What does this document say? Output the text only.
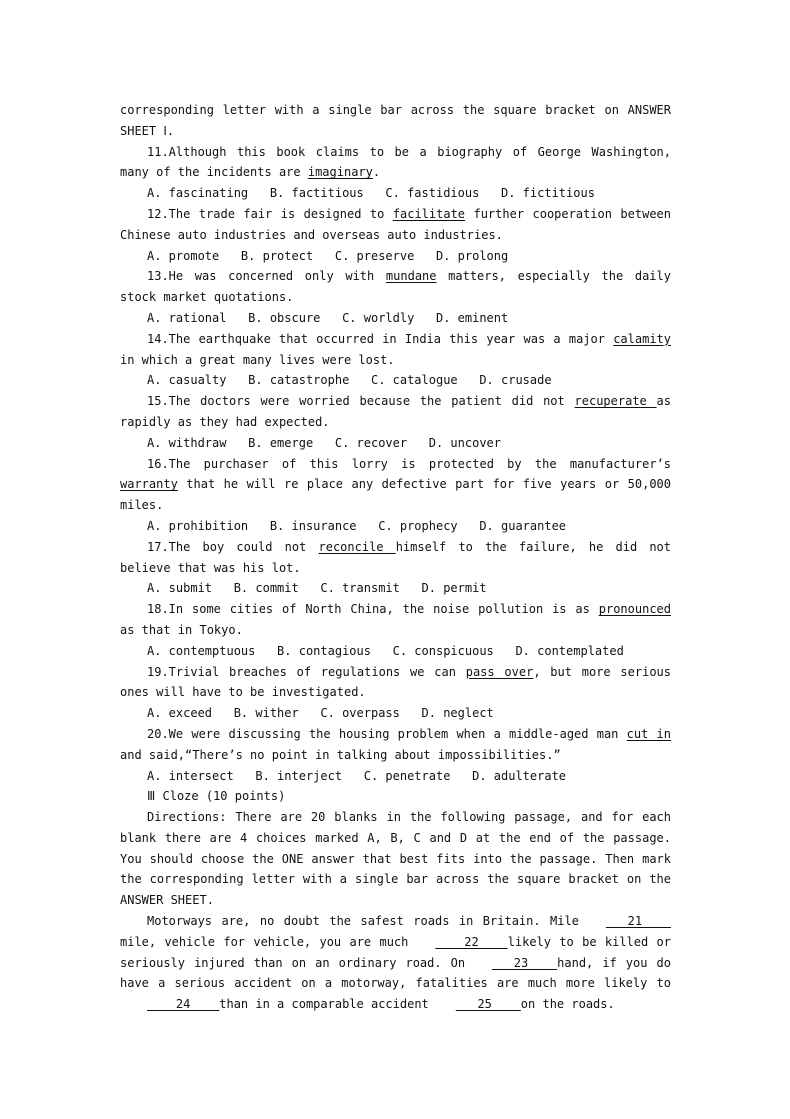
corresponding letter with a single bar across the square bracket on ANSWER SHEET Ⅰ.

11.Although this book claims to be a biography of George Washington, many of the incidents are imaginary.

A. fascinating   B. factitious   C. fastidious   D. fictitious

12.The trade fair is designed to facilitate further cooperation between Chinese auto industries and overseas auto industries.

A. promote   B. protect   C. preserve   D. prolong

13.He was concerned only with mundane matters, especially the daily stock market quotations.

A. rational   B. obscure   C. worldly   D. eminent

14.The earthquake that occurred in India this year was a major calamity in which a great many lives were lost.

A. casualty   B. catastrophe   C. catalogue   D. crusade

15.The doctors were worried because the patient did not recuperate as rapidly as they had expected.

A. withdraw   B. emerge   C. recover   D. uncover

16.The purchaser of this lorry is protected by the manufacturer’s warranty that he will re place any defective part for five years or 50,000 miles.

A. prohibition   B. insurance   C. prophecy   D. guarantee

17.The boy could not reconcile himself to the failure, he did not believe that was his lot.

A. submit   B. commit   C. transmit   D. permit

18.In some cities of North China, the noise pollution is as pronounced as that in Tokyo.

A. contemptuous   B. contagious   C. conspicuous   D. contemplated

19.Trivial breaches of regulations we can pass over, but more serious ones will have to be investigated.

A. exceed   B. wither   C. overpass   D. neglect

20.We were discussing the housing problem when a middle-aged man cut in and said,“There’s no point in talking about impossibilities.”

A. intersect   B. interject   C. penetrate   D. adulterate

Ⅲ Cloze (10 points)

Directions: There are 20 blanks in the following passage, and for each blank there are 4 choices marked A, B, C and D at the end of the passage. You should choose the ONE answer that best fits into the passage. Then mark the corresponding letter with a single bar across the square bracket on the ANSWER SHEET.

Motorways are, no doubt the safest roads in Britain. Mile   21    mile, vehicle for vehicle, you are much    22    likely to be killed or seriously injured than on an ordinary road. On   23    hand, if you do have a serious accident on a motorway, fatalities are much more likely to    24    than in a comparable accident   25    on the roads.
